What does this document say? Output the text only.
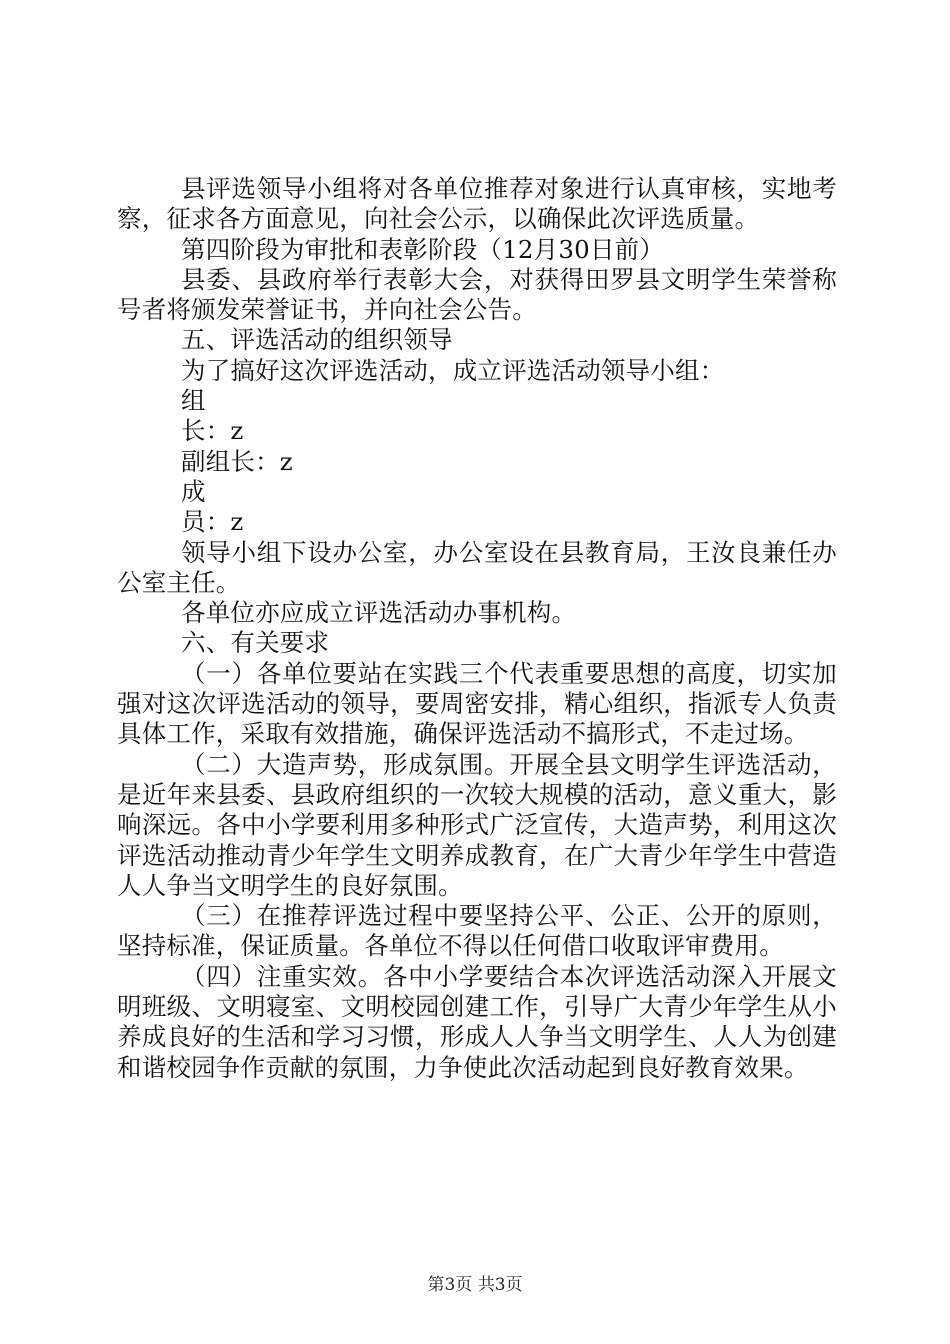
县评选领导小组将对各单位推荐对象进行认真审核，实地考察，征求各方面意见，向社会公示，以确保此次评选质量。

第四阶段为审批和表彰阶段（12月30日前）

县委、县政府举行表彰大会，对获得田罗县文明学生荣誉称号者将颁发荣誉证书，并向社会公告。

五、评选活动的组织领导

为了搞好这次评选活动，成立评选活动领导小组：

组

长：z

副组长：z

成

员：z

领导小组下设办公室，办公室设在县教育局，王汝良兼任办公室主任。

各单位亦应成立评选活动办事机构。

六、有关要求

（一）各单位要站在实践三个代表重要思想的高度，切实加强对这次评选活动的领导，要周密安排，精心组织，指派专人负责具体工作，采取有效措施，确保评选活动不搞形式，不走过场。

（二）大造声势，形成氛围。开展全县文明学生评选活动，是近年来县委、县政府组织的一次较大规模的活动，意义重大，影响深远。各中小学要利用多种形式广泛宣传，大造声势，利用这次评选活动推动青少年学生文明养成教育，在广大青少年学生中营造人人争当文明学生的良好氛围。

（三）在推荐评选过程中要坚持公平、公正、公开的原则，坚持标准，保证质量。各单位不得以任何借口收取评审费用。

（四）注重实效。各中小学要结合本次评选活动深入开展文明班级、文明寝室、文明校园创建工作，引导广大青少年学生从小养成良好的生活和学习习惯，形成人人争当文明学生、人人为创建和谐校园争作贡献的氛围，力争使此次活动起到良好教育效果。

第3页 共3页
